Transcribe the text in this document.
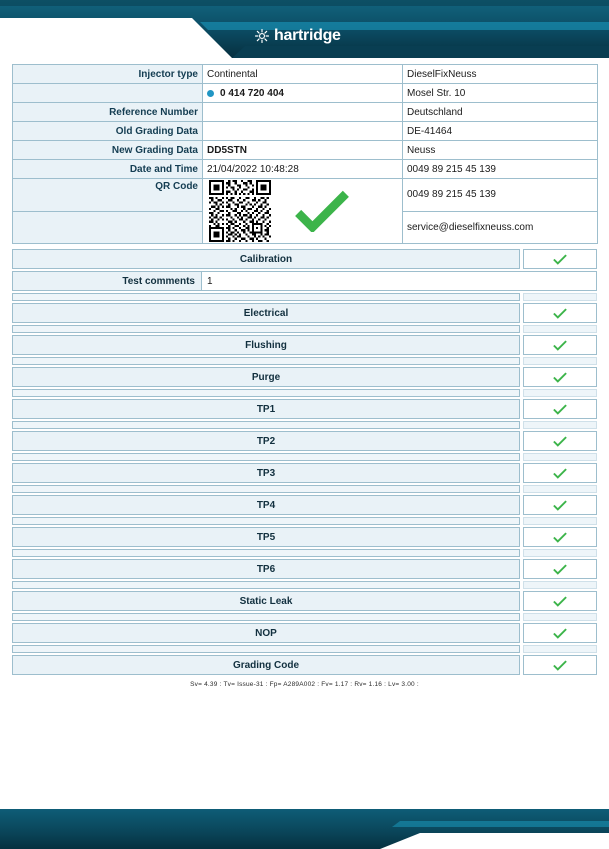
hartridge
Injector type	Continental	DieselFixNeuss

	0 414 720 404	Mosel Str. 10
Reference Number		Deutschland
Old Grading Data		DE-41464
New Grading Data	DD5STN	Neuss
Date and Time	21/04/2022 10:48:28	0049 89 215 45 139
QR Code		0049 89 215 45 139
		service@dieselfixneuss.com
Calibration
Test comments	1
Electrical
Flushing
Purge
TP1
TP2
TP3
TP4
TP5
TP6
Static Leak
NOP
Grading Code
Sv= 4.39 : Tv= Issue-31 : Fp= A289A002 : Fv= 1.17 : Rv= 1.16 : Lv= 3.00 :
